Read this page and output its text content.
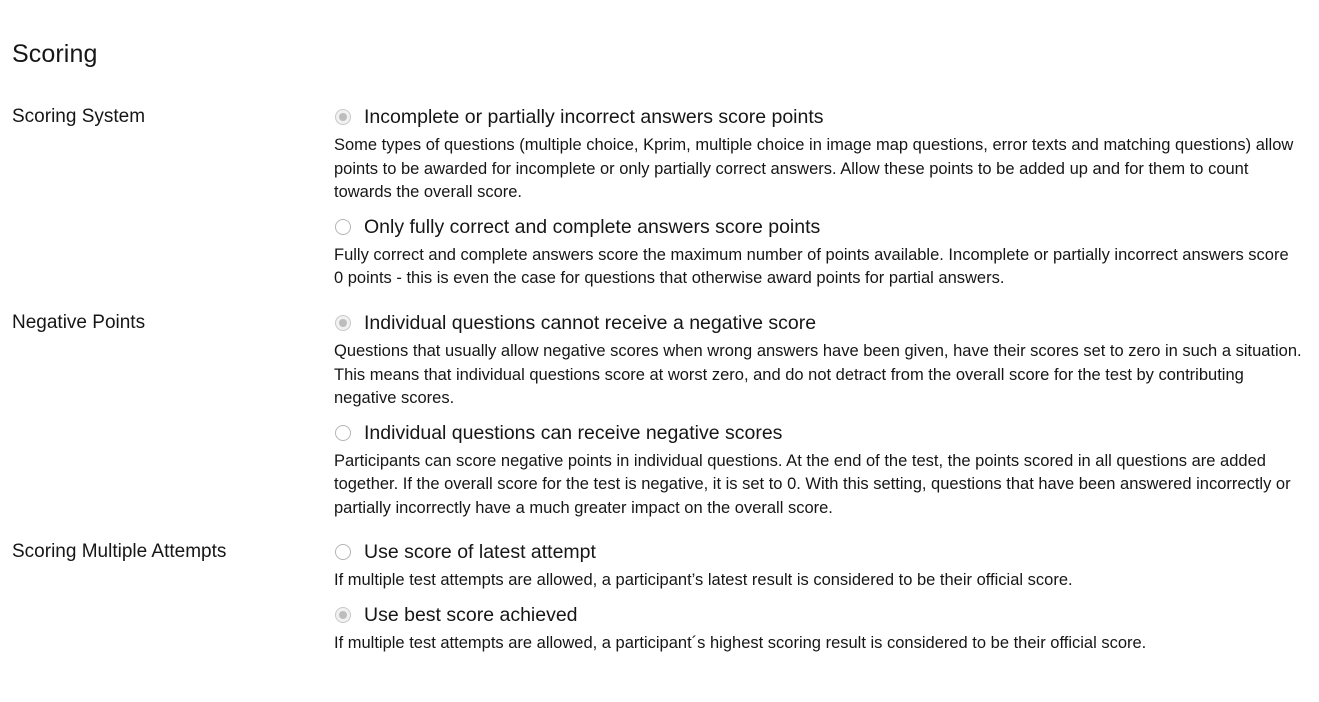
Scoring
Scoring System	Incomplete or partially incorrect answers score points
Some types of questions (multiple choice, Kprim, multiple choice in image map questions, error texts and matching questions) allow points to be awarded for incomplete or only partially correct answers. Allow these points to be added up and for them to count towards the overall score.
Only fully correct and complete answers score points
Fully correct and complete answers score the maximum number of points available. Incomplete or partially incorrect answers score 0 points - this is even the case for questions that otherwise award points for partial answers.
Negative Points	Individual questions cannot receive a negative score
Questions that usually allow negative scores when wrong answers have been given, have their scores set to zero in such a situation. This means that individual questions score at worst zero, and do not detract from the overall score for the test by contributing negative scores.
Individual questions can receive negative scores
Participants can score negative points in individual questions. At the end of the test, the points scored in all questions are added together. If the overall score for the test is negative, it is set to 0. With this setting, questions that have been answered incorrectly or partially incorrectly have a much greater impact on the overall score.
Scoring Multiple Attempts	Use score of latest attempt
If multiple test attempts are allowed, a participant’s latest result is considered to be their official score.
Use best score achieved
If multiple test attempts are allowed, a participant´s highest scoring result is considered to be their official score.
